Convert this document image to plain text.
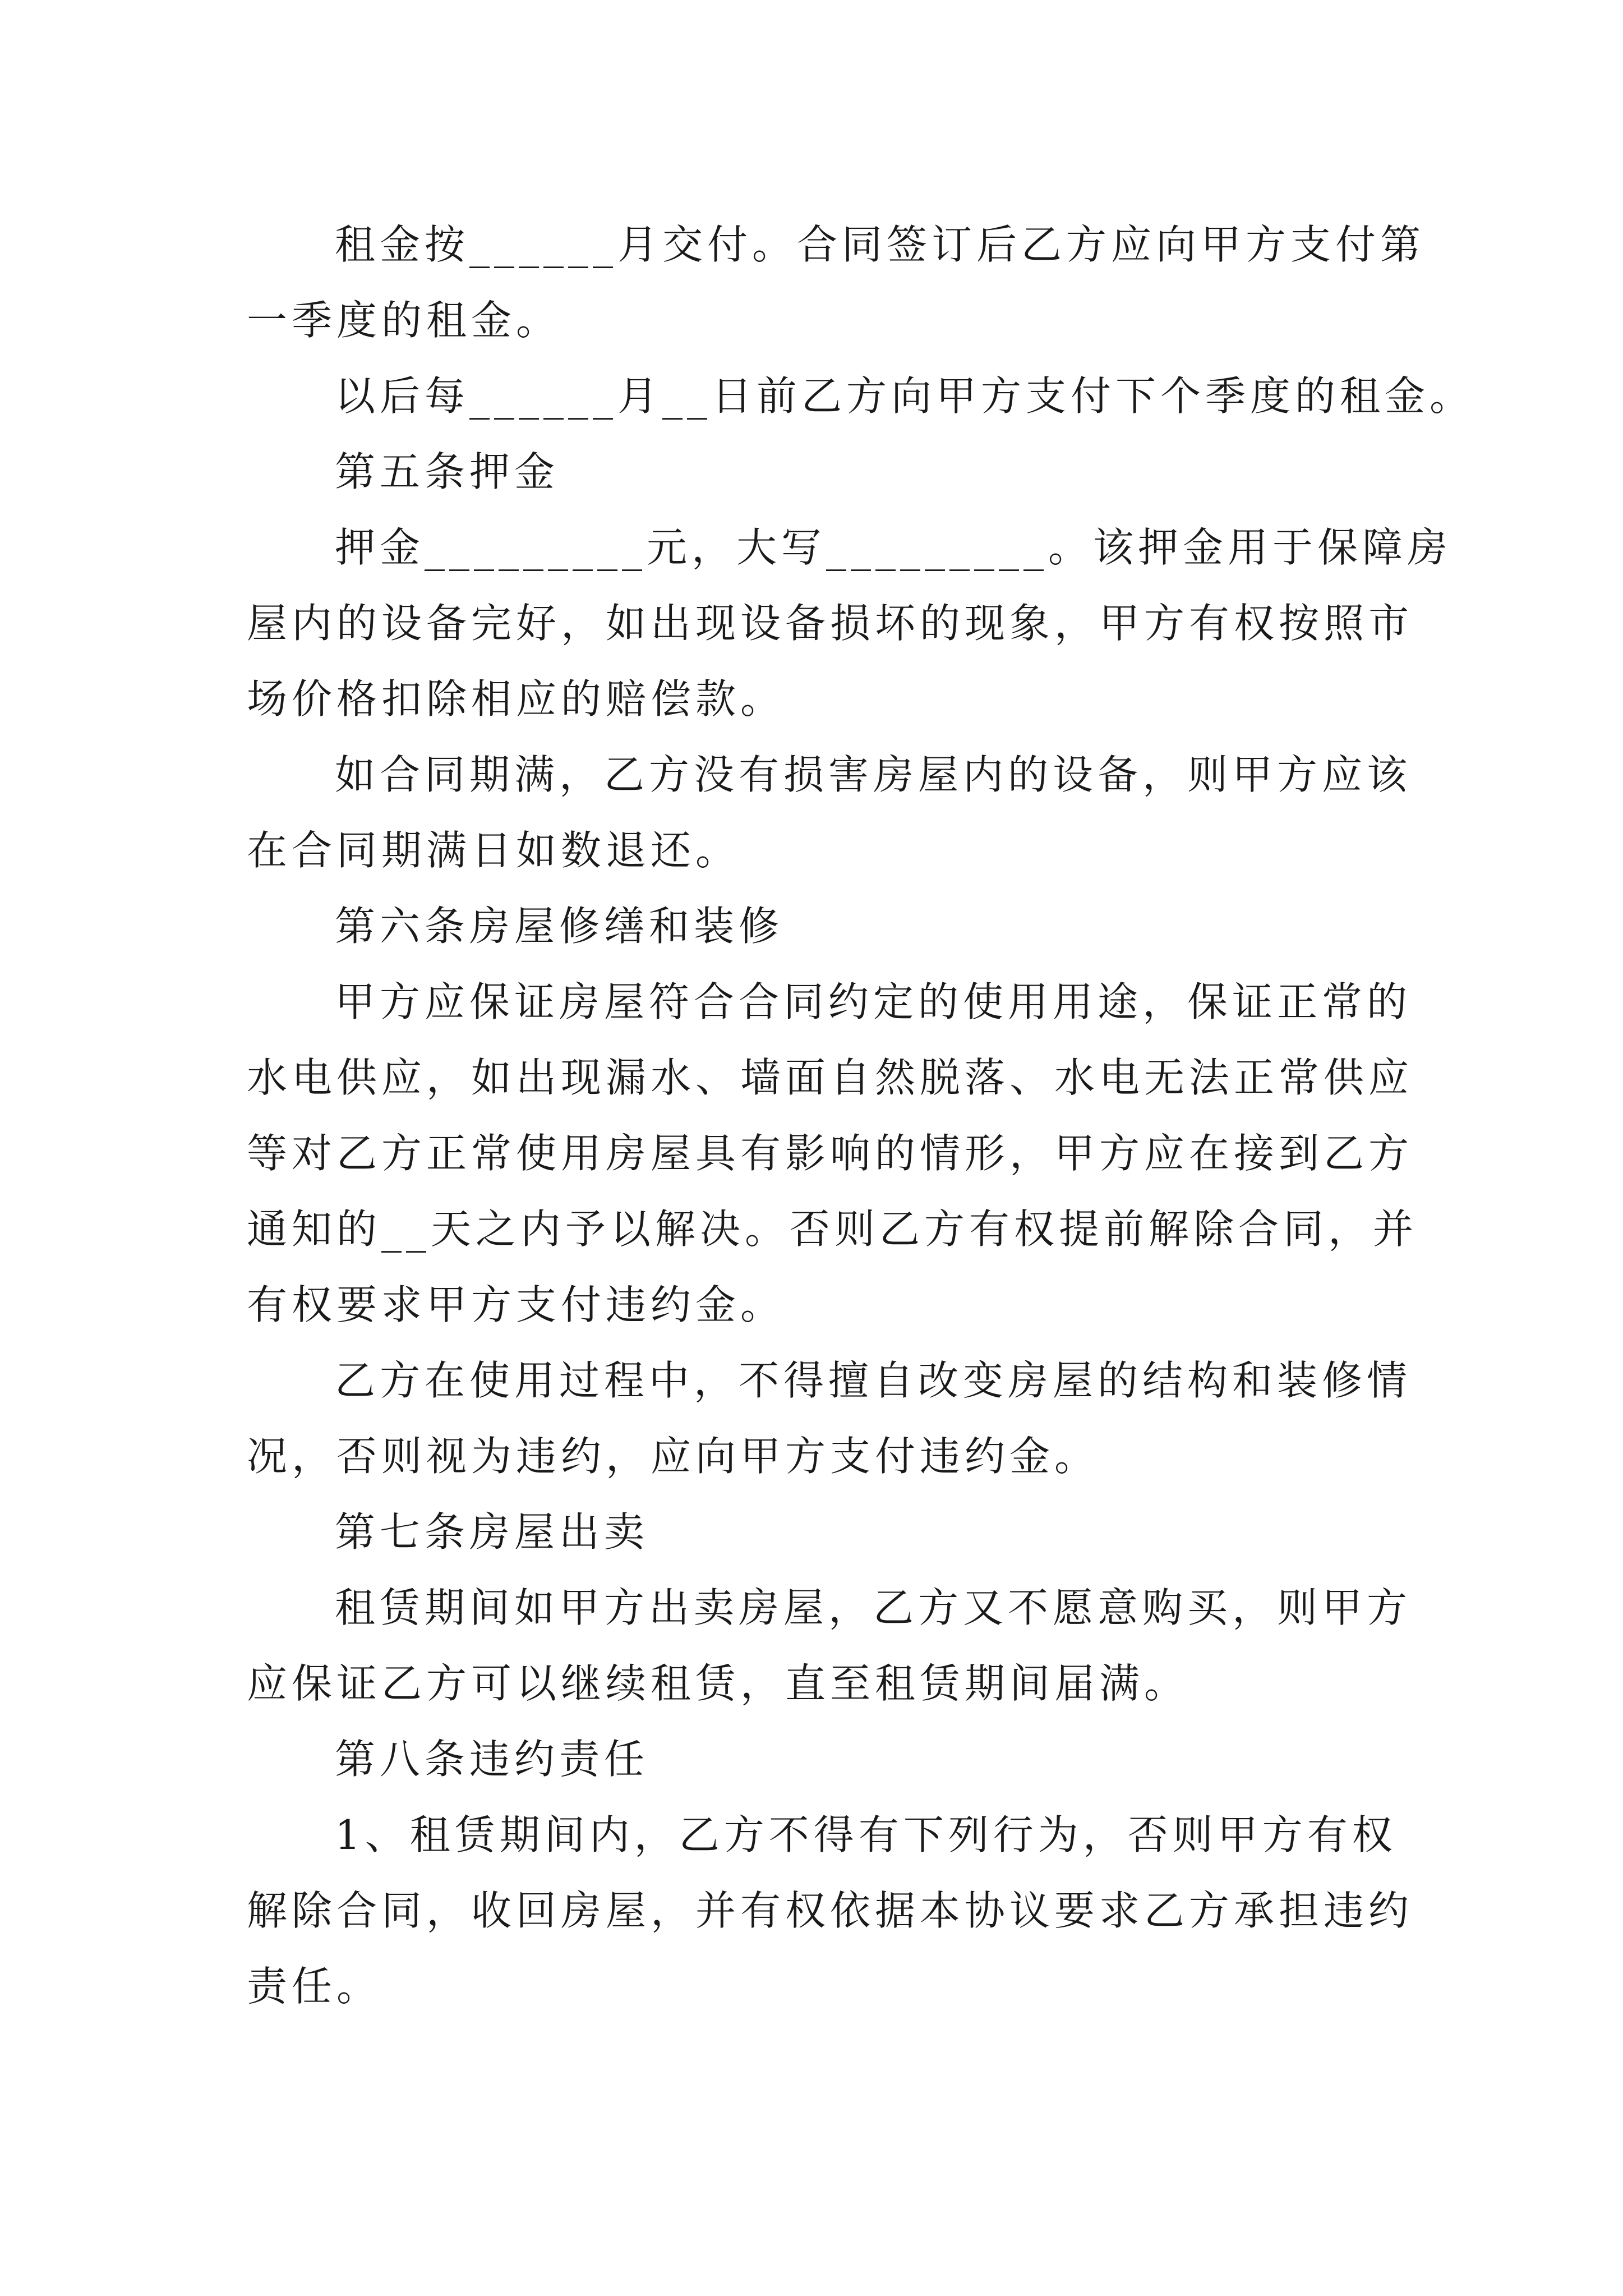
租金按______月交付。合同签订后乙方应向甲方支付第
一季度的租金。
以后每______月__日前乙方向甲方支付下个季度的租金。
第五条押金
押金_________元，大写_________。该押金用于保障房
屋内的设备完好，如出现设备损坏的现象，甲方有权按照市
场价格扣除相应的赔偿款。
如合同期满，乙方没有损害房屋内的设备，则甲方应该
在合同期满日如数退还。
第六条房屋修缮和装修
甲方应保证房屋符合合同约定的使用用途，保证正常的
水电供应，如出现漏水、墙面自然脱落、水电无法正常供应
等对乙方正常使用房屋具有影响的情形，甲方应在接到乙方
通知的__天之内予以解决。否则乙方有权提前解除合同，并
有权要求甲方支付违约金。
乙方在使用过程中，不得擅自改变房屋的结构和装修情
况，否则视为违约，应向甲方支付违约金。
第七条房屋出卖
租赁期间如甲方出卖房屋，乙方又不愿意购买，则甲方
应保证乙方可以继续租赁，直至租赁期间届满。
第八条违约责任
1、租赁期间内，乙方不得有下列行为，否则甲方有权
解除合同，收回房屋，并有权依据本协议要求乙方承担违约
责任。
